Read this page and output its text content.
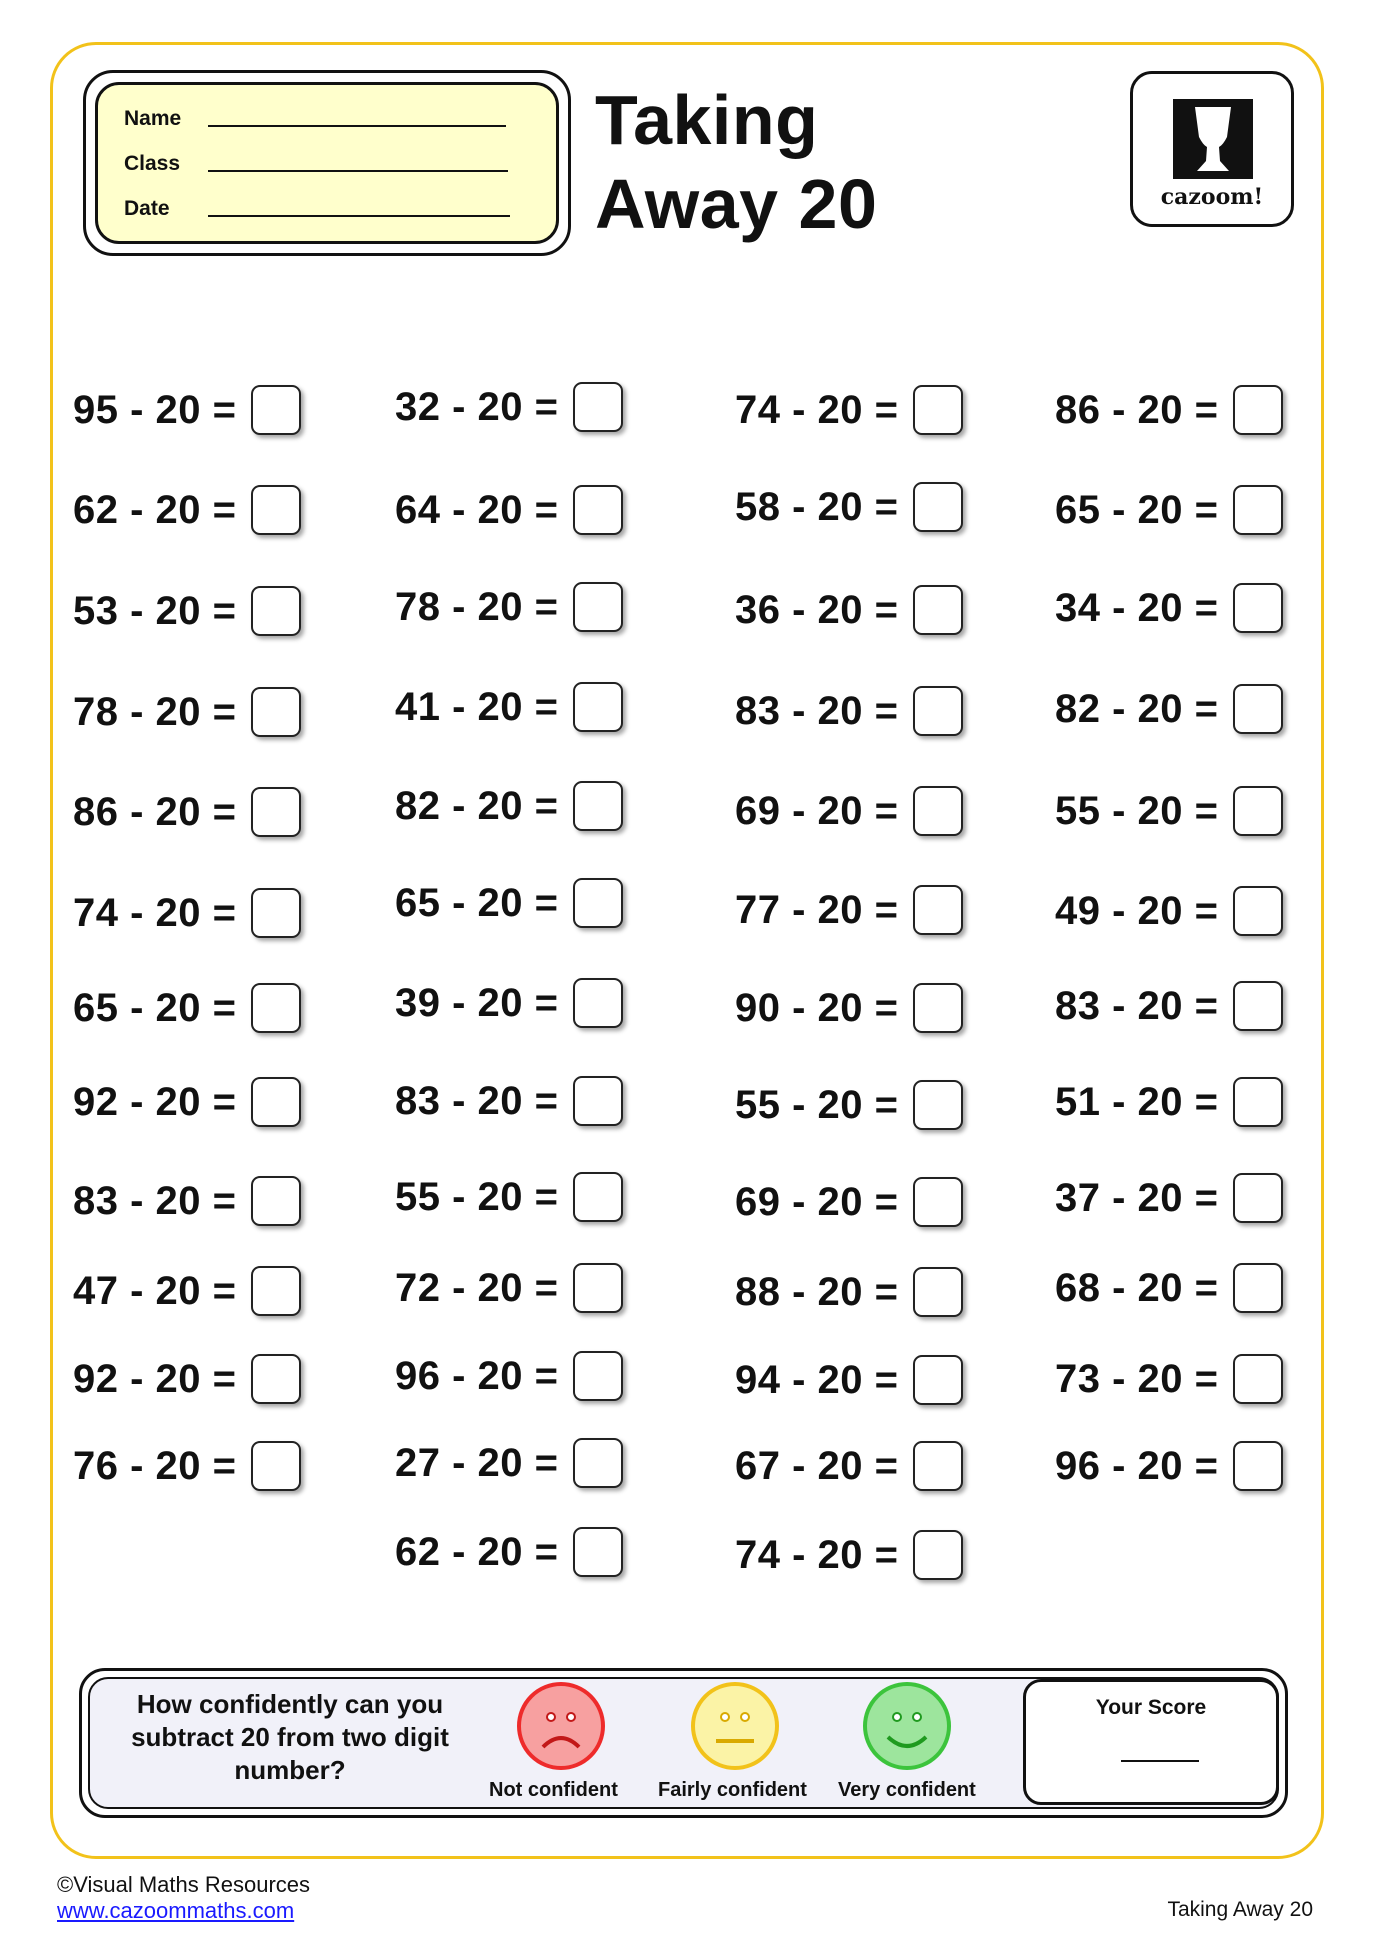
Name
Class
Date
Taking
Away 20	cazoom!
95 - 20 =
62 - 20 =
53 - 20 =
78 - 20 =
86 - 20 =
74 - 20 =
65 - 20 =
92 - 20 =
83 - 20 =
47 - 20 =
92 - 20 =
76 - 20 =
32 - 20 =
64 - 20 =
78 - 20 =
41 - 20 =
82 - 20 =
65 - 20 =
39 - 20 =
83 - 20 =
55 - 20 =
72 - 20 =
96 - 20 =
27 - 20 =
62 - 20 =
74 - 20 =
58 - 20 =
36 - 20 =
83 - 20 =
69 - 20 =
77 - 20 =
90 - 20 =
55 - 20 =
69 - 20 =
88 - 20 =
94 - 20 =
67 - 20 =
74 - 20 =
86 - 20 =
65 - 20 =
34 - 20 =
82 - 20 =
55 - 20 =
49 - 20 =
83 - 20 =
51 - 20 =
37 - 20 =
68 - 20 =
73 - 20 =
96 - 20 =
How confidently can you subtract 20 from two digit number?
Not confident Fairly confident Very confident
Your Score
©Visual Maths Resources
www.cazoommaths.com	Taking Away 20
